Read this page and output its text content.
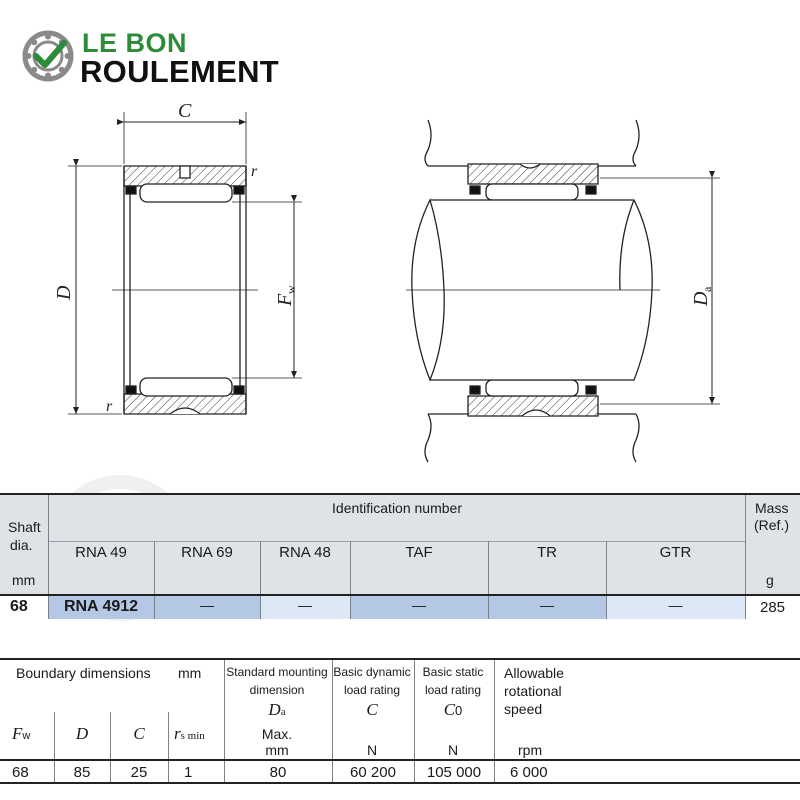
LE BON
ROULEMENT
C
r
r
D	F
w
D
a
Identification number
Shaft
dia.
mm
Mass
(Ref.)
g
RNA 49	RNA 69	RNA 48	TAF	TR	GTR
68	RNA 4912	—	—	—	—	—	285
Boundary dimensions mm Standard mounting
dimension
Da
Max.
mm
Basic dynamic
load rating
C
N
Basic static
load rating
C0
N
Allowable
rotational
speed
rpm
Fw	D	C	rs min
68	85	25	1	80	60 200	105 000	6 000
